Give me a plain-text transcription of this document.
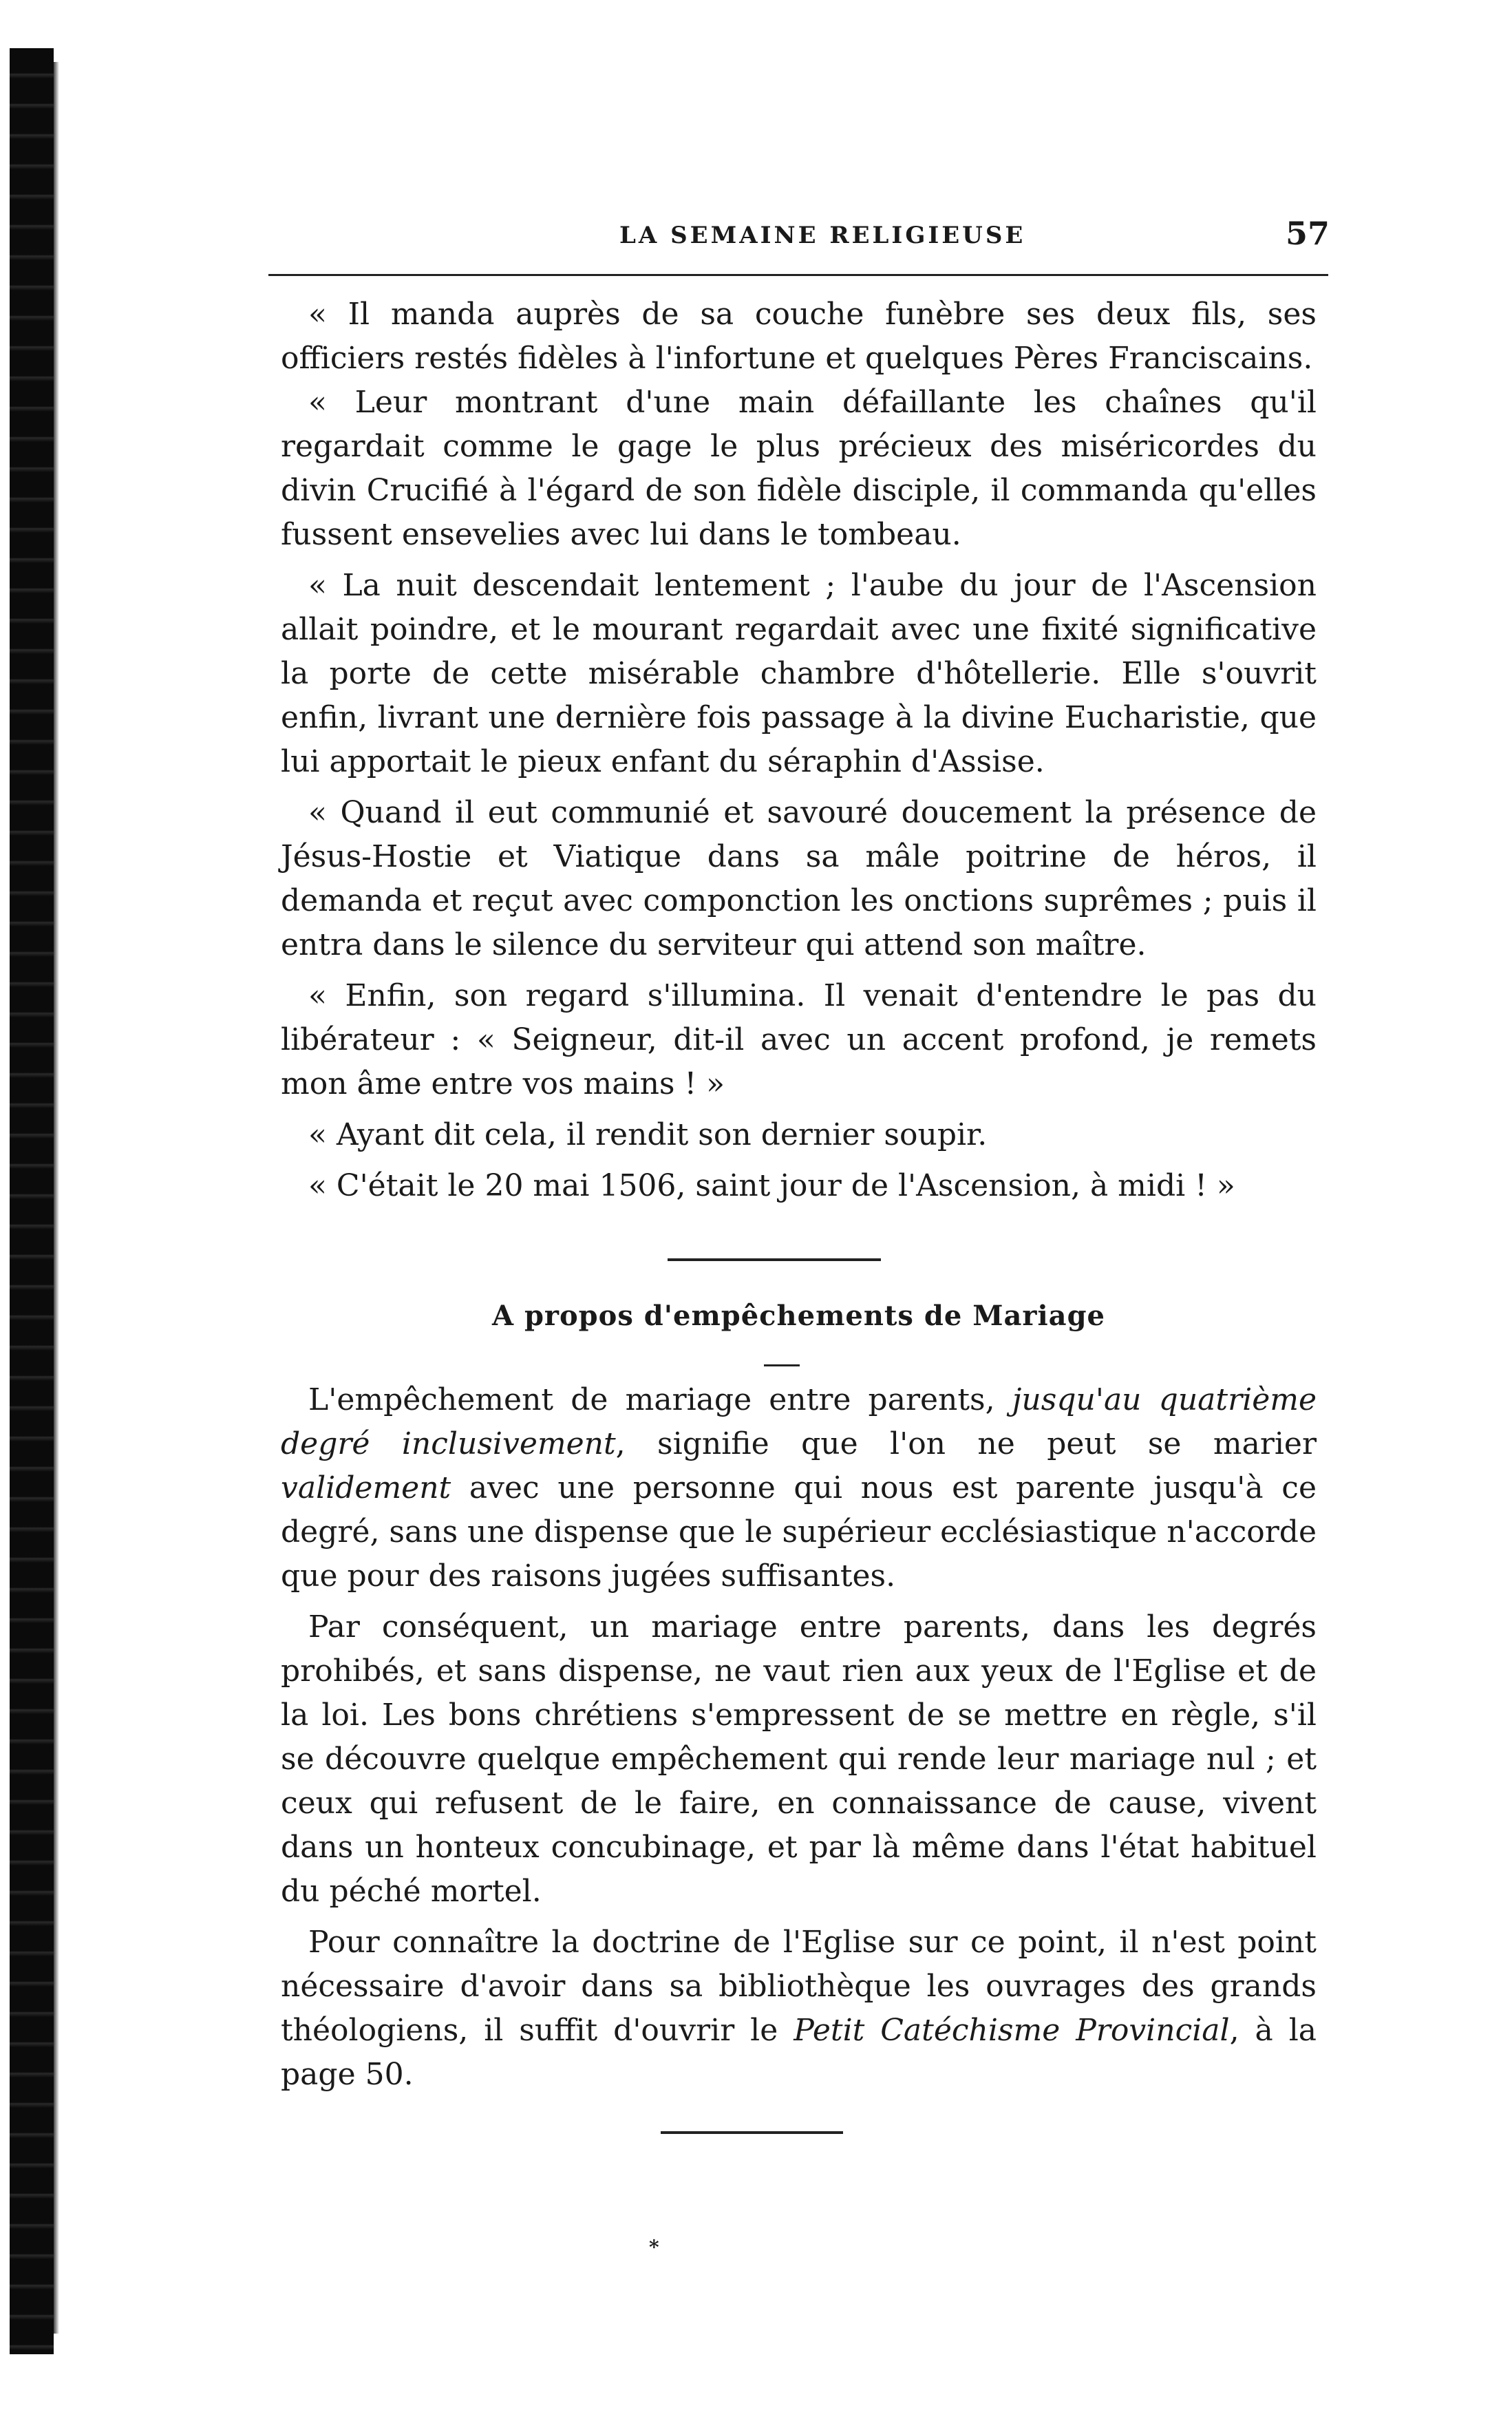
LA SEMAINE RELIGIEUSE	57

« Il manda auprès de sa couche funèbre ses deux fils, ses officiers restés fidèles à l'infortune et quelques Pères Franciscains.

« Leur montrant d'une main défaillante les chaînes qu'il regardait comme le gage le plus précieux des miséricordes du divin Crucifié à l'égard de son fidèle disciple, il commanda qu'elles fussent ensevelies avec lui dans le tombeau.

« La nuit descendait lentement ; l'aube du jour de l'Ascension allait poindre, et le mourant regardait avec une fixité significative la porte de cette misérable chambre d'hôtellerie. Elle s'ouvrit enfin, livrant une dernière fois passage à la divine Eucharistie, que lui apportait le pieux enfant du séraphin d'Assise.

« Quand il eut communié et savouré doucement la présence de Jésus-Hostie et Viatique dans sa mâle poitrine de héros, il demanda et reçut avec componction les onctions suprêmes ; puis il entra dans le silence du serviteur qui attend son maître.

« Enfin, son regard s'illumina. Il venait d'entendre le pas du libérateur : « Seigneur, dit-il avec un accent profond, je remets mon âme entre vos mains ! »

« Ayant dit cela, il rendit son dernier soupir.

« C'était le 20 mai 1506, saint jour de l'Ascension, à midi ! »

A propos d'empêchements de Mariage

L'empêchement de mariage entre parents, jusqu'au quatrième degré inclusivement, signifie que l'on ne peut se marier validement avec une personne qui nous est parente jusqu'à ce degré, sans une dispense que le supérieur ecclésiastique n'accorde que pour des raisons jugées suffisantes.

Par conséquent, un mariage entre parents, dans les degrés prohibés, et sans dispense, ne vaut rien aux yeux de l'Eglise et de la loi. Les bons chrétiens s'empressent de se mettre en règle, s'il se découvre quelque empêchement qui rende leur mariage nul ; et ceux qui refusent de le faire, en connaissance de cause, vivent dans un honteux concubinage, et par là même dans l'état habituel du péché mortel.

Pour connaître la doctrine de l'Eglise sur ce point, il n'est point nécessaire d'avoir dans sa bibliothèque les ouvrages des grands théologiens, il suffit d'ouvrir le Petit Catéchisme Provincial, à la page 50.

*
